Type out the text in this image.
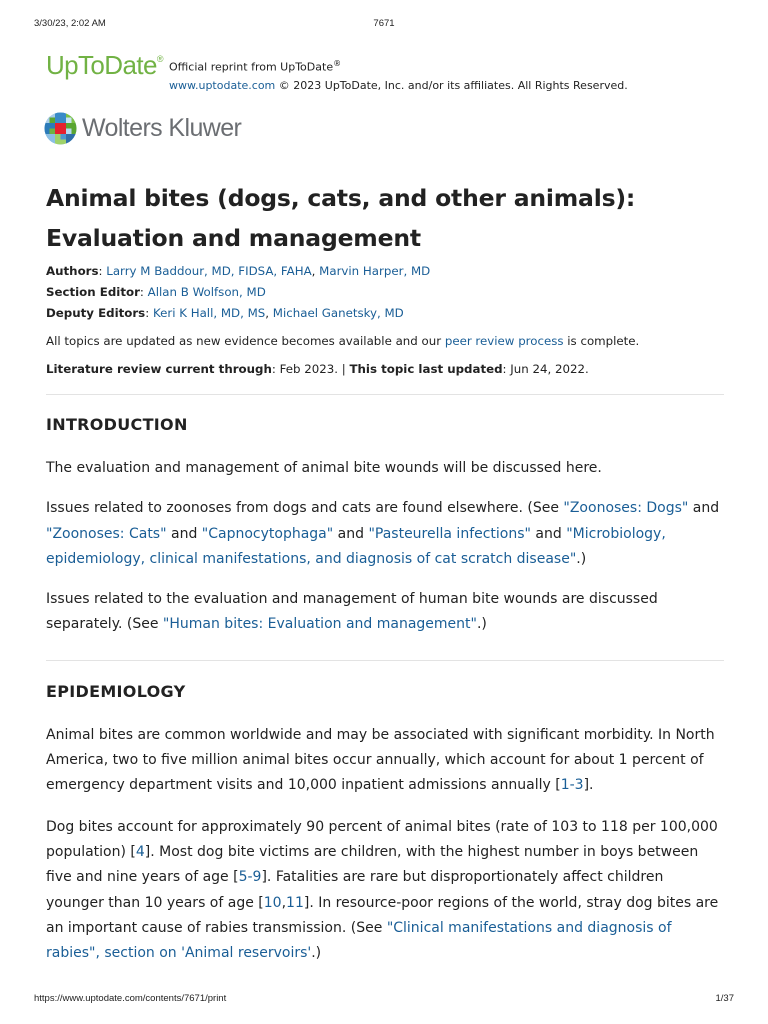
3/30/23, 2:02 AM	7671
UpToDate®
Official reprint from UpToDate®
www.uptodate.com © 2023 UpToDate, Inc. and/or its affiliates. All Rights Reserved.
Wolters Kluwer
Animal bites (dogs, cats, and other animals): Evaluation and management
Authors: Larry M Baddour, MD, FIDSA, FAHA, Marvin Harper, MD
Section Editor: Allan B Wolfson, MD
Deputy Editors: Keri K Hall, MD, MS, Michael Ganetsky, MD
All topics are updated as new evidence becomes available and our peer review process is complete.
Literature review current through: Feb 2023. | This topic last updated: Jun 24, 2022.
INTRODUCTION

The evaluation and management of animal bite wounds will be discussed here.

Issues related to zoonoses from dogs and cats are found elsewhere. (See "Zoonoses: Dogs" and "Zoonoses: Cats" and "Capnocytophaga" and "Pasteurella infections" and "Microbiology, epidemiology, clinical manifestations, and diagnosis of cat scratch disease".)

Issues related to the evaluation and management of human bite wounds are discussed separately. (See "Human bites: Evaluation and management".)

EPIDEMIOLOGY

Animal bites are common worldwide and may be associated with significant morbidity. In North America, two to five million animal bites occur annually, which account for about 1 percent of emergency department visits and 10,000 inpatient admissions annually [1-3].

Dog bites account for approximately 90 percent of animal bites (rate of 103 to 118 per 100,000 population) [4]. Most dog bite victims are children, with the highest number in boys between five and nine years of age [5-9]. Fatalities are rare but disproportionately affect children younger than 10 years of age [10,11]. In resource-poor regions of the world, stray dog bites are an important cause of rabies transmission. (See "Clinical manifestations and diagnosis of rabies", section on 'Animal reservoirs'.)

https://www.uptodate.com/contents/7671/print	1/37
